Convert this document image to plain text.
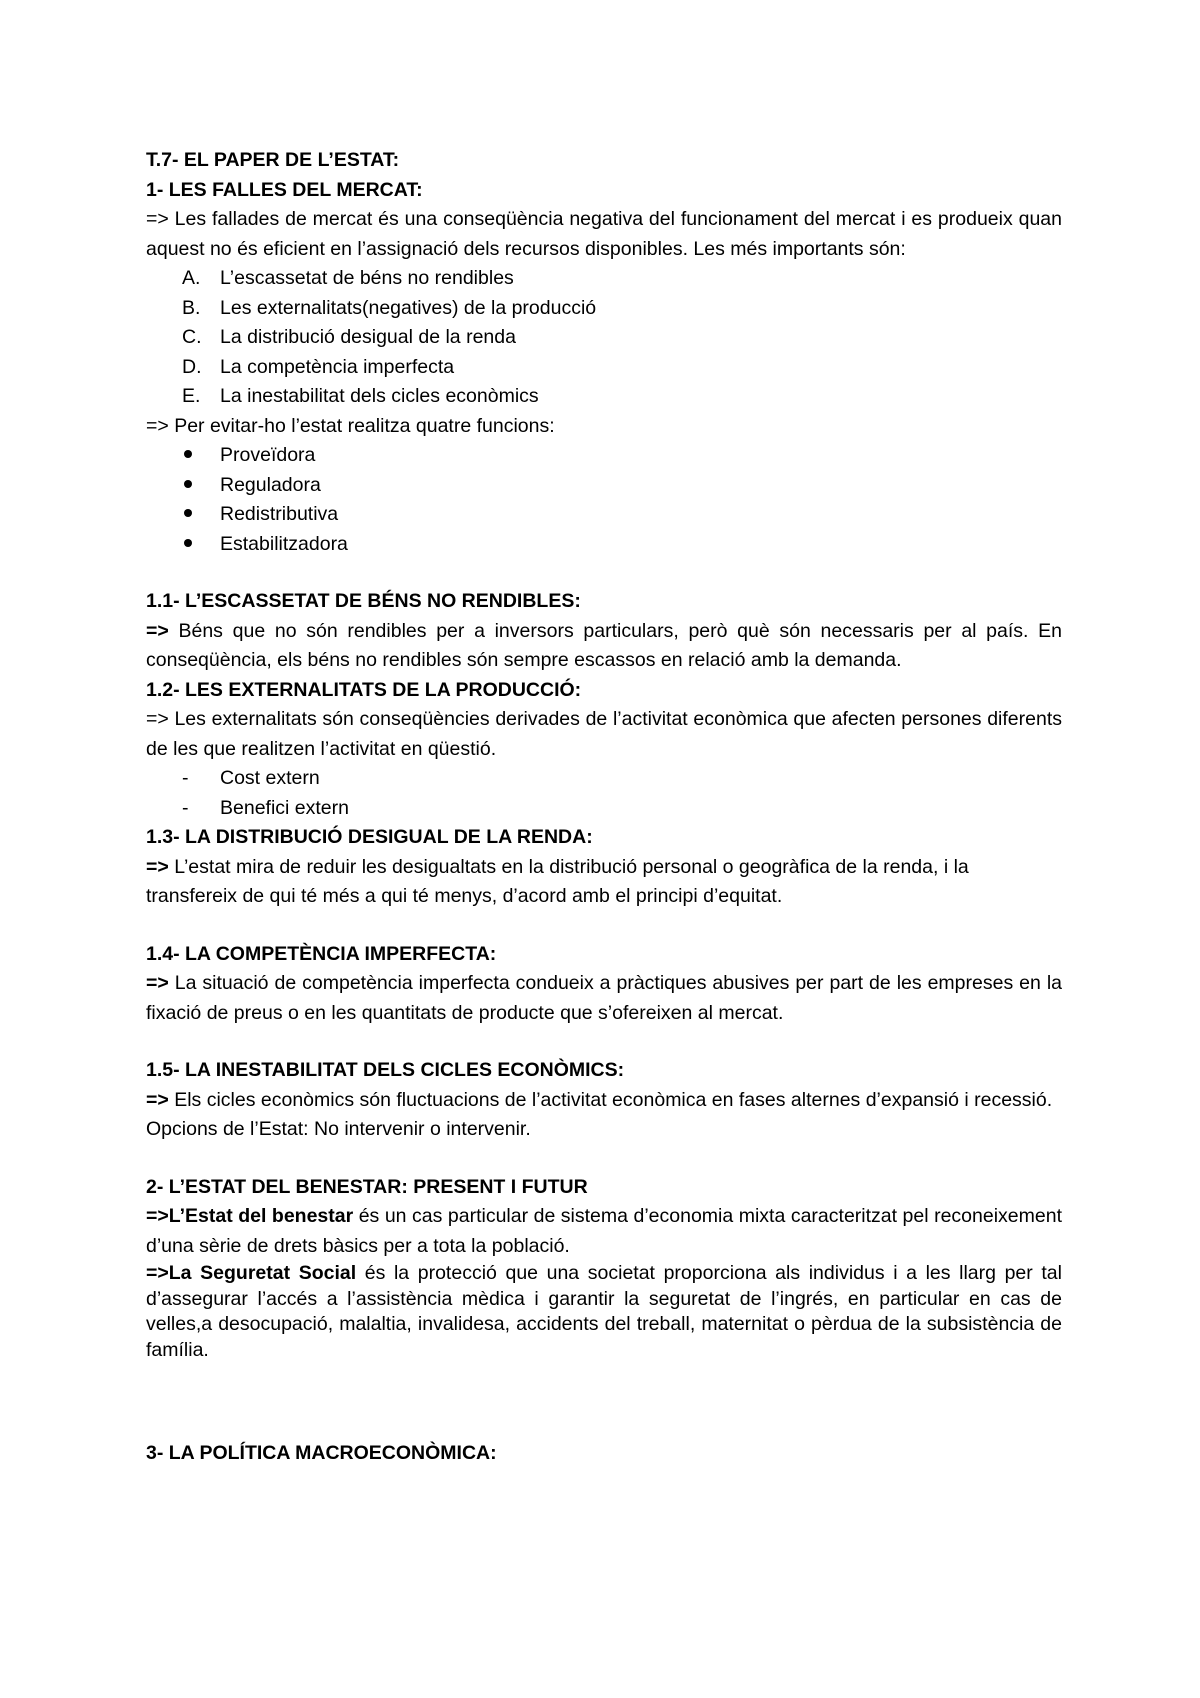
T.7- EL PAPER DE L’ESTAT:
1- LES FALLES DEL MERCAT:

=> Les fallades de mercat és una conseqüència negativa del funcionament del mercat i es produeix quan aquest no és eficient en l’assignació dels recursos disponibles. Les més importants són:

A.	L’escassetat de béns no rendibles
B.	Les externalitats(negatives) de la producció
C. La distribució desigual de la renda
D. La competència imperfecta
E.	La inestabilitat dels cicles econòmics

=> Per evitar-ho l’estat realitza quatre funcions:

Proveïdora
Reguladora
Redistributiva
Estabilitzadora
1.1- L’ESCASSETAT DE BÉNS NO RENDIBLES:

=> Béns que no són rendibles per a inversors particulars, però què són necessaris per al país. En conseqüència, els béns no rendibles són sempre escassos en relació amb la demanda.

1.2- LES EXTERNALITATS DE LA PRODUCCIÓ:

=> Les externalitats són conseqüències derivades de l’activitat econòmica que afecten persones diferents de les que realitzen l’activitat en qüestió.

-	Cost extern
-	Benefici extern
1.3- LA DISTRIBUCIÓ DESIGUAL DE LA RENDA:

=> L’estat mira de reduir les desigualtats en la distribució personal o geogràfica de la renda, i la transfereix de qui té més a qui té menys, d’acord amb el principi d’equitat.

1.4- LA COMPETÈNCIA IMPERFECTA:

=> La situació de competència imperfecta condueix a pràctiques abusives per part de les empreses en la fixació de preus o en les quantitats de producte que s’ofereixen al mercat.

1.5- LA INESTABILITAT DELS CICLES ECONÒMICS:

=> Els cicles econòmics són fluctuacions de l’activitat econòmica en fases alternes d’expansió i recessió.

Opcions de l’Estat: No intervenir o intervenir.

2- L’ESTAT DEL BENESTAR: PRESENT I FUTUR

=>L’Estat del benestar és un cas particular de sistema d’economia mixta caracteritzat pel reconeixement d’una sèrie de drets bàsics per a tota la població.

=>La Seguretat Social és la protecció que una societat proporciona als individus i a les llarg per tal d’assegurar l’accés a l’assistència mèdica i garantir la seguretat de l’ingrés, en particular en cas de velles,a desocupació, malaltia, invalidesa, accidents del treball, maternitat o pèrdua de la subsistència de família.

3- LA POLÍTICA MACROECONÒMICA:
